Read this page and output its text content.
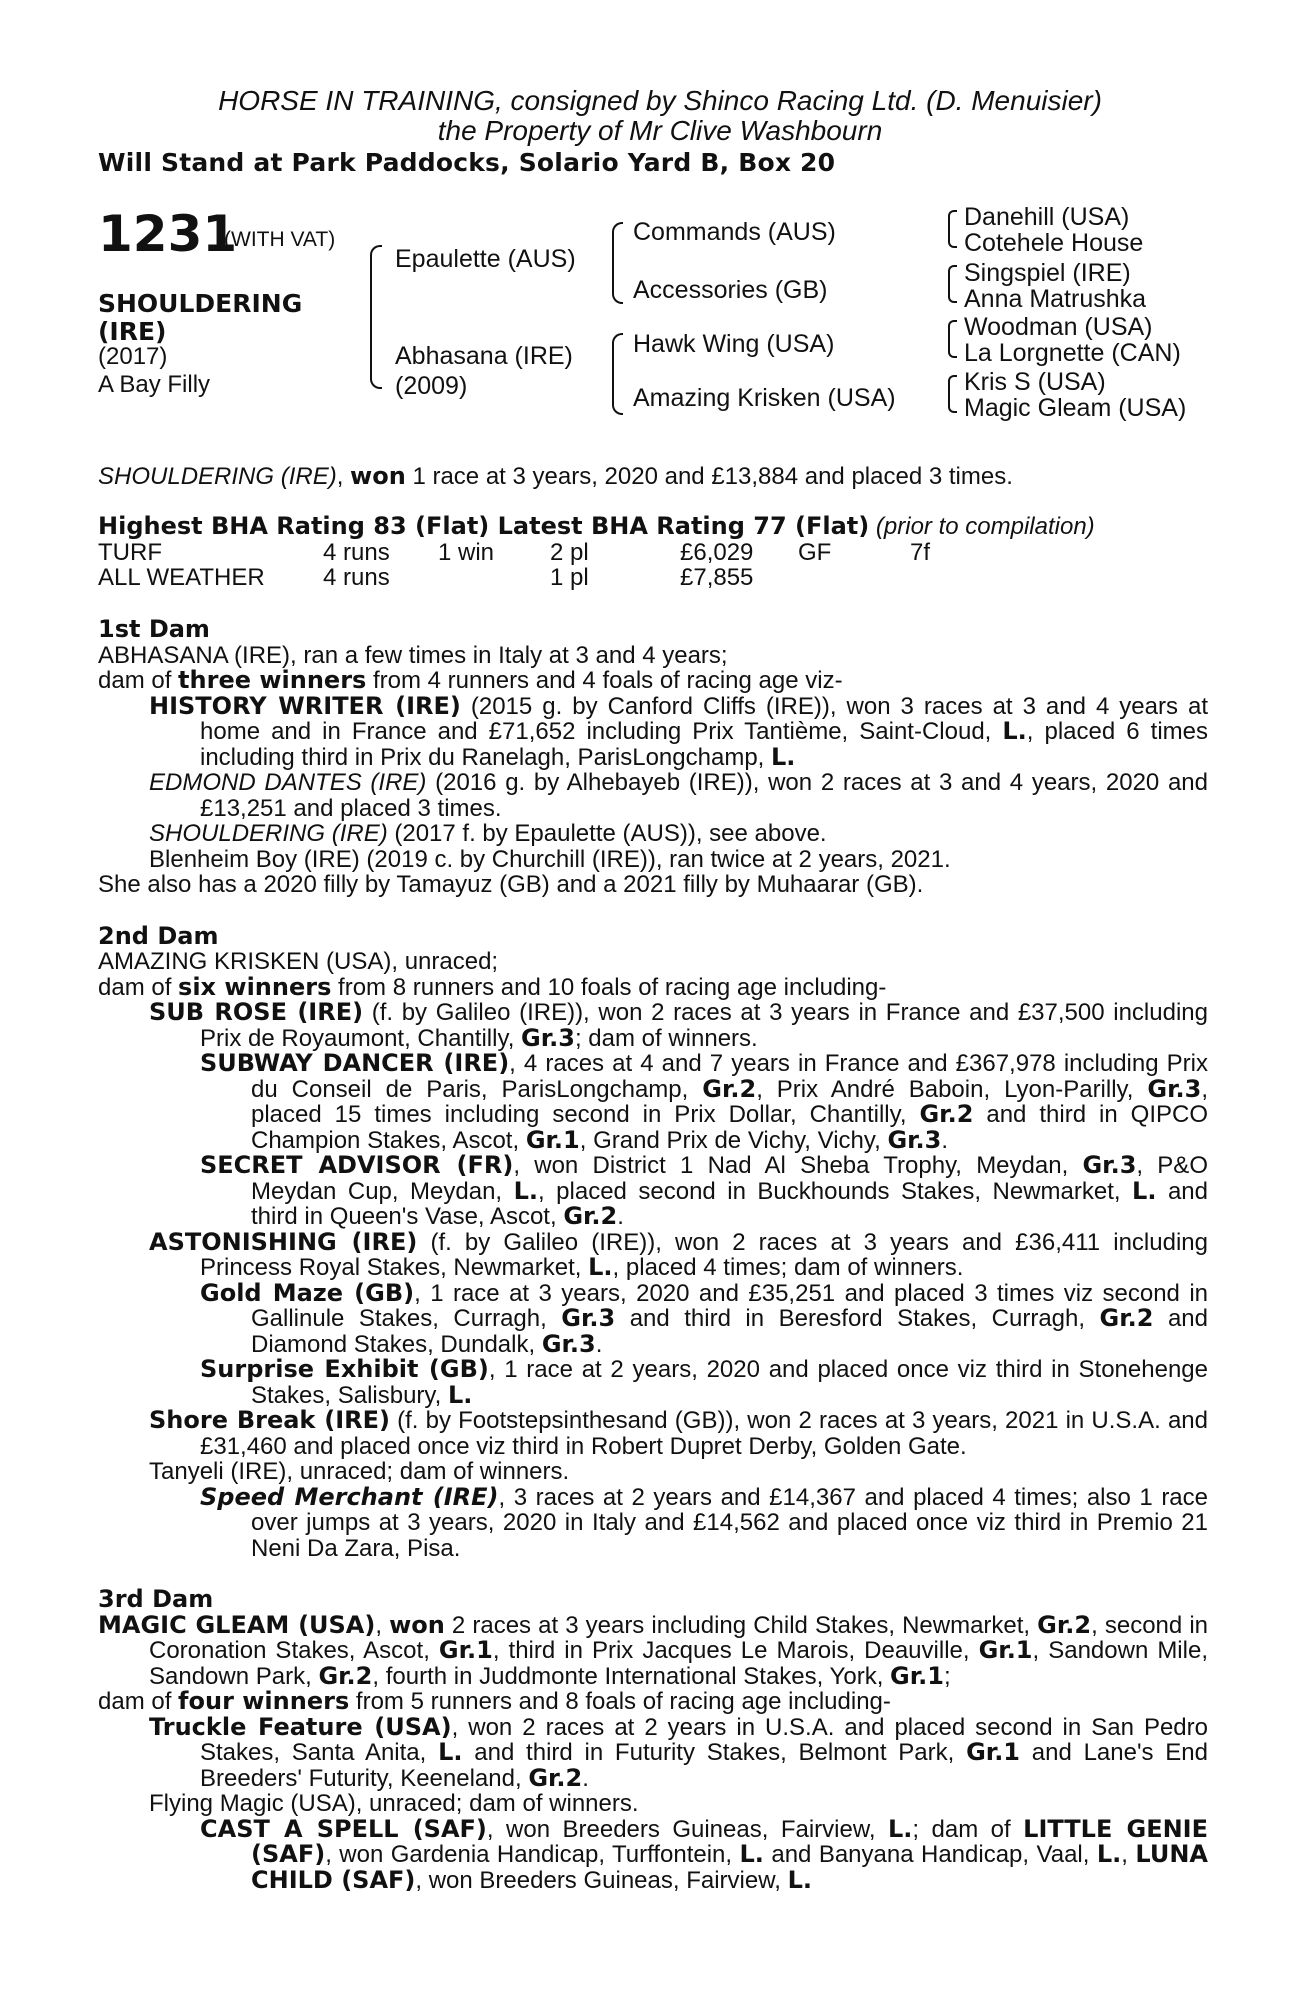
HORSE IN TRAINING, consigned by Shinco Racing Ltd. (D. Menuisier)
the Property of Mr Clive Washbourn
Will Stand at Park Paddocks, Solario Yard B, Box 20
1231
(WITH VAT)
SHOULDERING
(IRE)
(2017)
A Bay Filly
Epaulette (AUS)
Abhasana (IRE)
(2009)
Commands (AUS)
Accessories (GB)
Hawk Wing (USA)
Amazing Krisken (USA)
Danehill (USA)
Cotehele House
Singspiel (IRE)
Anna Matrushka
Woodman (USA)
La Lorgnette (CAN)
Kris S (USA)
Magic Gleam (USA)

SHOULDERING (IRE), won 1 race at 3 years, 2020 and £13,884 and placed 3 times.

Highest BHA Rating 83 (Flat) Latest BHA Rating 77 (Flat) (prior to compilation)

TURF	4 runs	1 win	2 pl	£6,029	GF	7f
ALL WEATHER	4 runs		1 pl	£7,855		

1st Dam

ABHASANA (IRE), ran a few times in Italy at 3 and 4 years;

dam of three winners from 4 runners and 4 foals of racing age viz-

HISTORY WRITER (IRE) (2015 g. by Canford Cliffs (IRE)), won 3 races at 3 and 4 years at home and in France and £71,652 including Prix Tantième, Saint-Cloud, L., placed 6 times including third in Prix du Ranelagh, ParisLongchamp, L.

EDMOND DANTES (IRE) (2016 g. by Alhebayeb (IRE)), won 2 races at 3 and 4 years, 2020 and £13,251 and placed 3 times.

SHOULDERING (IRE) (2017 f. by Epaulette (AUS)), see above.

Blenheim Boy (IRE) (2019 c. by Churchill (IRE)), ran twice at 2 years, 2021.

She also has a 2020 filly by Tamayuz (GB) and a 2021 filly by Muhaarar (GB).

2nd Dam

AMAZING KRISKEN (USA), unraced;

dam of six winners from 8 runners and 10 foals of racing age including-

SUB ROSE (IRE) (f. by Galileo (IRE)), won 2 races at 3 years in France and £37,500 including Prix de Royaumont, Chantilly, Gr.3; dam of winners.

SUBWAY DANCER (IRE), 4 races at 4 and 7 years in France and £367,978 including Prix du Conseil de Paris, ParisLongchamp, Gr.2, Prix André Baboin, Lyon-Parilly, Gr.3, placed 15 times including second in Prix Dollar, Chantilly, Gr.2 and third in QIPCO Champion Stakes, Ascot, Gr.1, Grand Prix de Vichy, Vichy, Gr.3.

SECRET ADVISOR (FR), won District 1 Nad Al Sheba Trophy, Meydan, Gr.3, P&O Meydan Cup, Meydan, L., placed second in Buckhounds Stakes, Newmarket, L. and third in Queen's Vase, Ascot, Gr.2.

ASTONISHING (IRE) (f. by Galileo (IRE)), won 2 races at 3 years and £36,411 including Princess Royal Stakes, Newmarket, L., placed 4 times; dam of winners.

Gold Maze (GB), 1 race at 3 years, 2020 and £35,251 and placed 3 times viz second in Gallinule Stakes, Curragh, Gr.3 and third in Beresford Stakes, Curragh, Gr.2 and Diamond Stakes, Dundalk, Gr.3.

Surprise Exhibit (GB), 1 race at 2 years, 2020 and placed once viz third in Stonehenge Stakes, Salisbury, L.

Shore Break (IRE) (f. by Footstepsinthesand (GB)), won 2 races at 3 years, 2021 in U.S.A. and £31,460 and placed once viz third in Robert Dupret Derby, Golden Gate.

Tanyeli (IRE), unraced; dam of winners.

Speed Merchant (IRE), 3 races at 2 years and £14,367 and placed 4 times; also 1 race over jumps at 3 years, 2020 in Italy and £14,562 and placed once viz third in Premio 21 Neni Da Zara, Pisa.

3rd Dam

MAGIC GLEAM (USA), won 2 races at 3 years including Child Stakes, Newmarket, Gr.2, second in Coronation Stakes, Ascot, Gr.1, third in Prix Jacques Le Marois, Deauville, Gr.1, Sandown Mile, Sandown Park, Gr.2, fourth in Juddmonte International Stakes, York, Gr.1;

dam of four winners from 5 runners and 8 foals of racing age including-

Truckle Feature (USA), won 2 races at 2 years in U.S.A. and placed second in San Pedro Stakes, Santa Anita, L. and third in Futurity Stakes, Belmont Park, Gr.1 and Lane's End Breeders' Futurity, Keeneland, Gr.2.

Flying Magic (USA), unraced; dam of winners.

CAST A SPELL (SAF), won Breeders Guineas, Fairview, L.; dam of LITTLE GENIE (SAF), won Gardenia Handicap, Turffontein, L. and Banyana Handicap, Vaal, L., LUNA CHILD (SAF), won Breeders Guineas, Fairview, L.
